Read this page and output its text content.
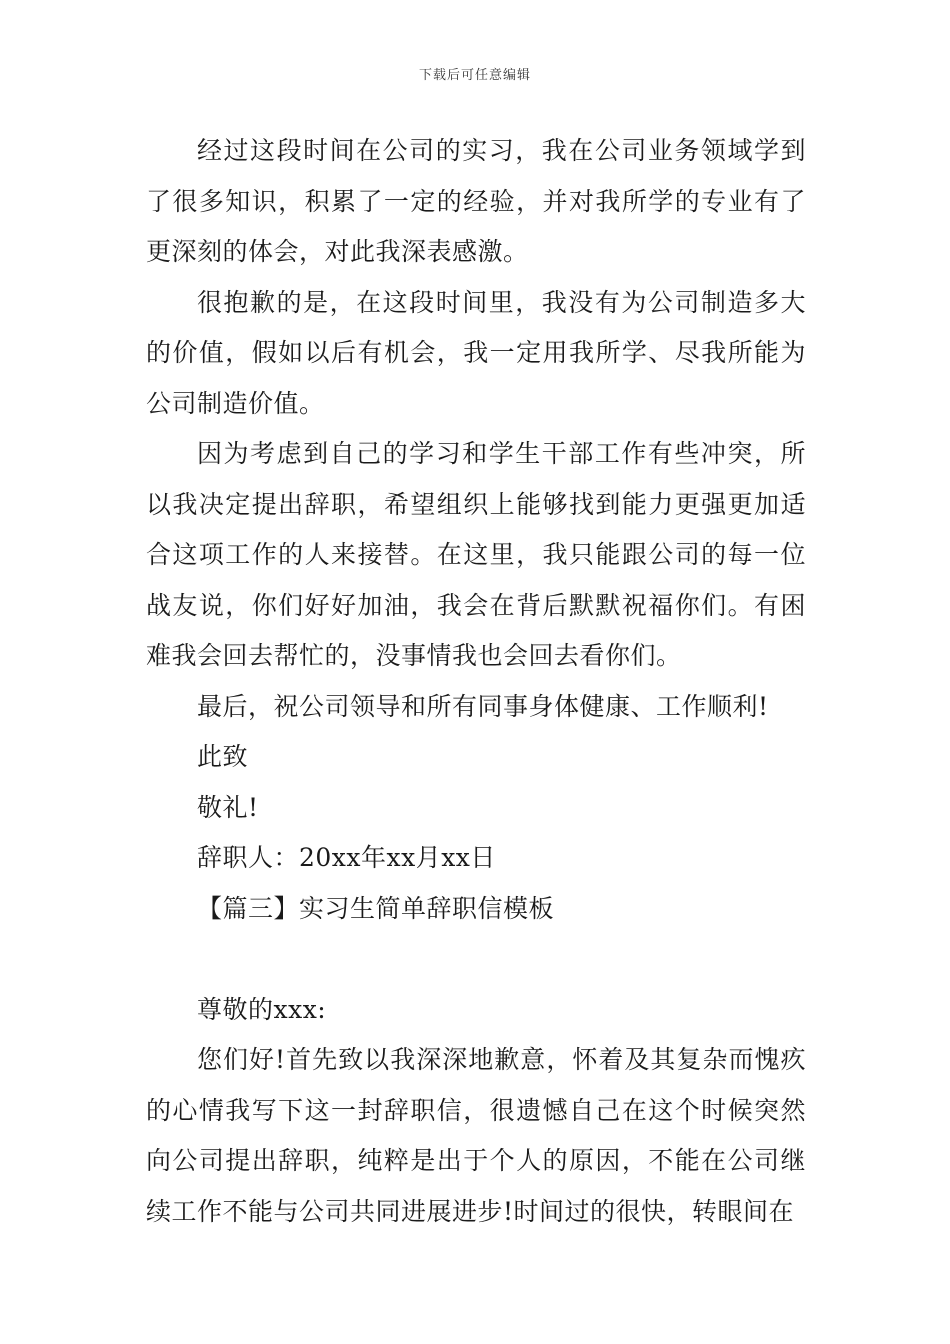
下载后可任意编辑

经过这段时间在公司的实习，我在公司业务领域学到了很多知识，积累了一定的经验，并对我所学的专业有了更深刻的体会，对此我深表感激。

很抱歉的是，在这段时间里，我没有为公司制造多大的价值，假如以后有机会，我一定用我所学、尽我所能为公司制造价值。

因为考虑到自己的学习和学生干部工作有些冲突，所以我决定提出辞职，希望组织上能够找到能力更强更加适合这项工作的人来接替。在这里，我只能跟公司的每一位战友说，你们好好加油，我会在背后默默祝福你们。有困难我会回去帮忙的，没事情我也会回去看你们。

最后，祝公司领导和所有同事身体健康、工作顺利!

此致

敬礼!

辞职人：20xx年xx月xx日

【篇三】实习生简单辞职信模板

尊敬的xxx:

您们好!首先致以我深深地歉意，怀着及其复杂而愧疚的心情我写下这一封辞职信，很遗憾自己在这个时候突然向公司提出辞职，纯粹是出于个人的原因，不能在公司继续工作不能与公司共同进展进步!时间过的很快，转眼间在
